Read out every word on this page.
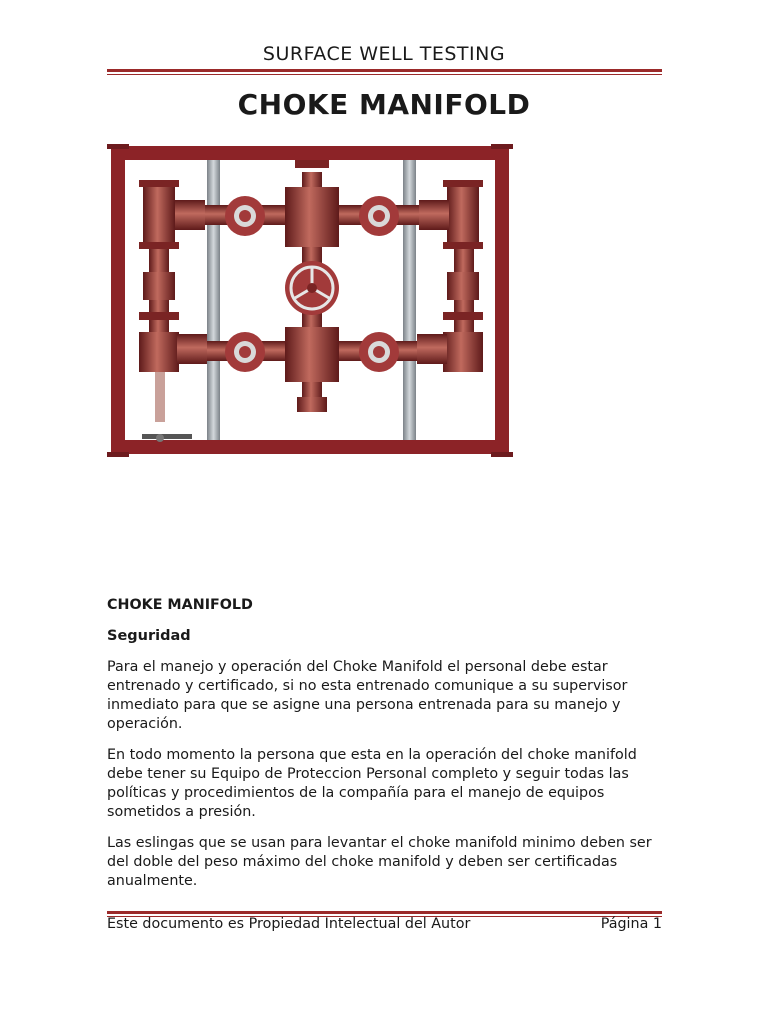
SURFACE WELL TESTING
CHOKE MANIFOLD
CHOKE MANIFOLD
Seguridad

Para el manejo y operación del Choke Manifold el personal debe estar entrenado y certificado, si no esta entrenado comunique a su supervisor inmediato para que se asigne una persona entrenada para su manejo y operación.

En todo momento la persona que esta en la operación del choke manifold debe tener su Equipo de Proteccion Personal completo y seguir todas las políticas y procedimientos de la compañía para el manejo de equipos sometidos a presión.

Las eslingas que se usan para levantar el choke manifold minimo deben ser del doble del peso máximo del choke manifold y deben ser certificadas anualmente.

Este documento es Propiedad Intelectual del Autor	Página 1
